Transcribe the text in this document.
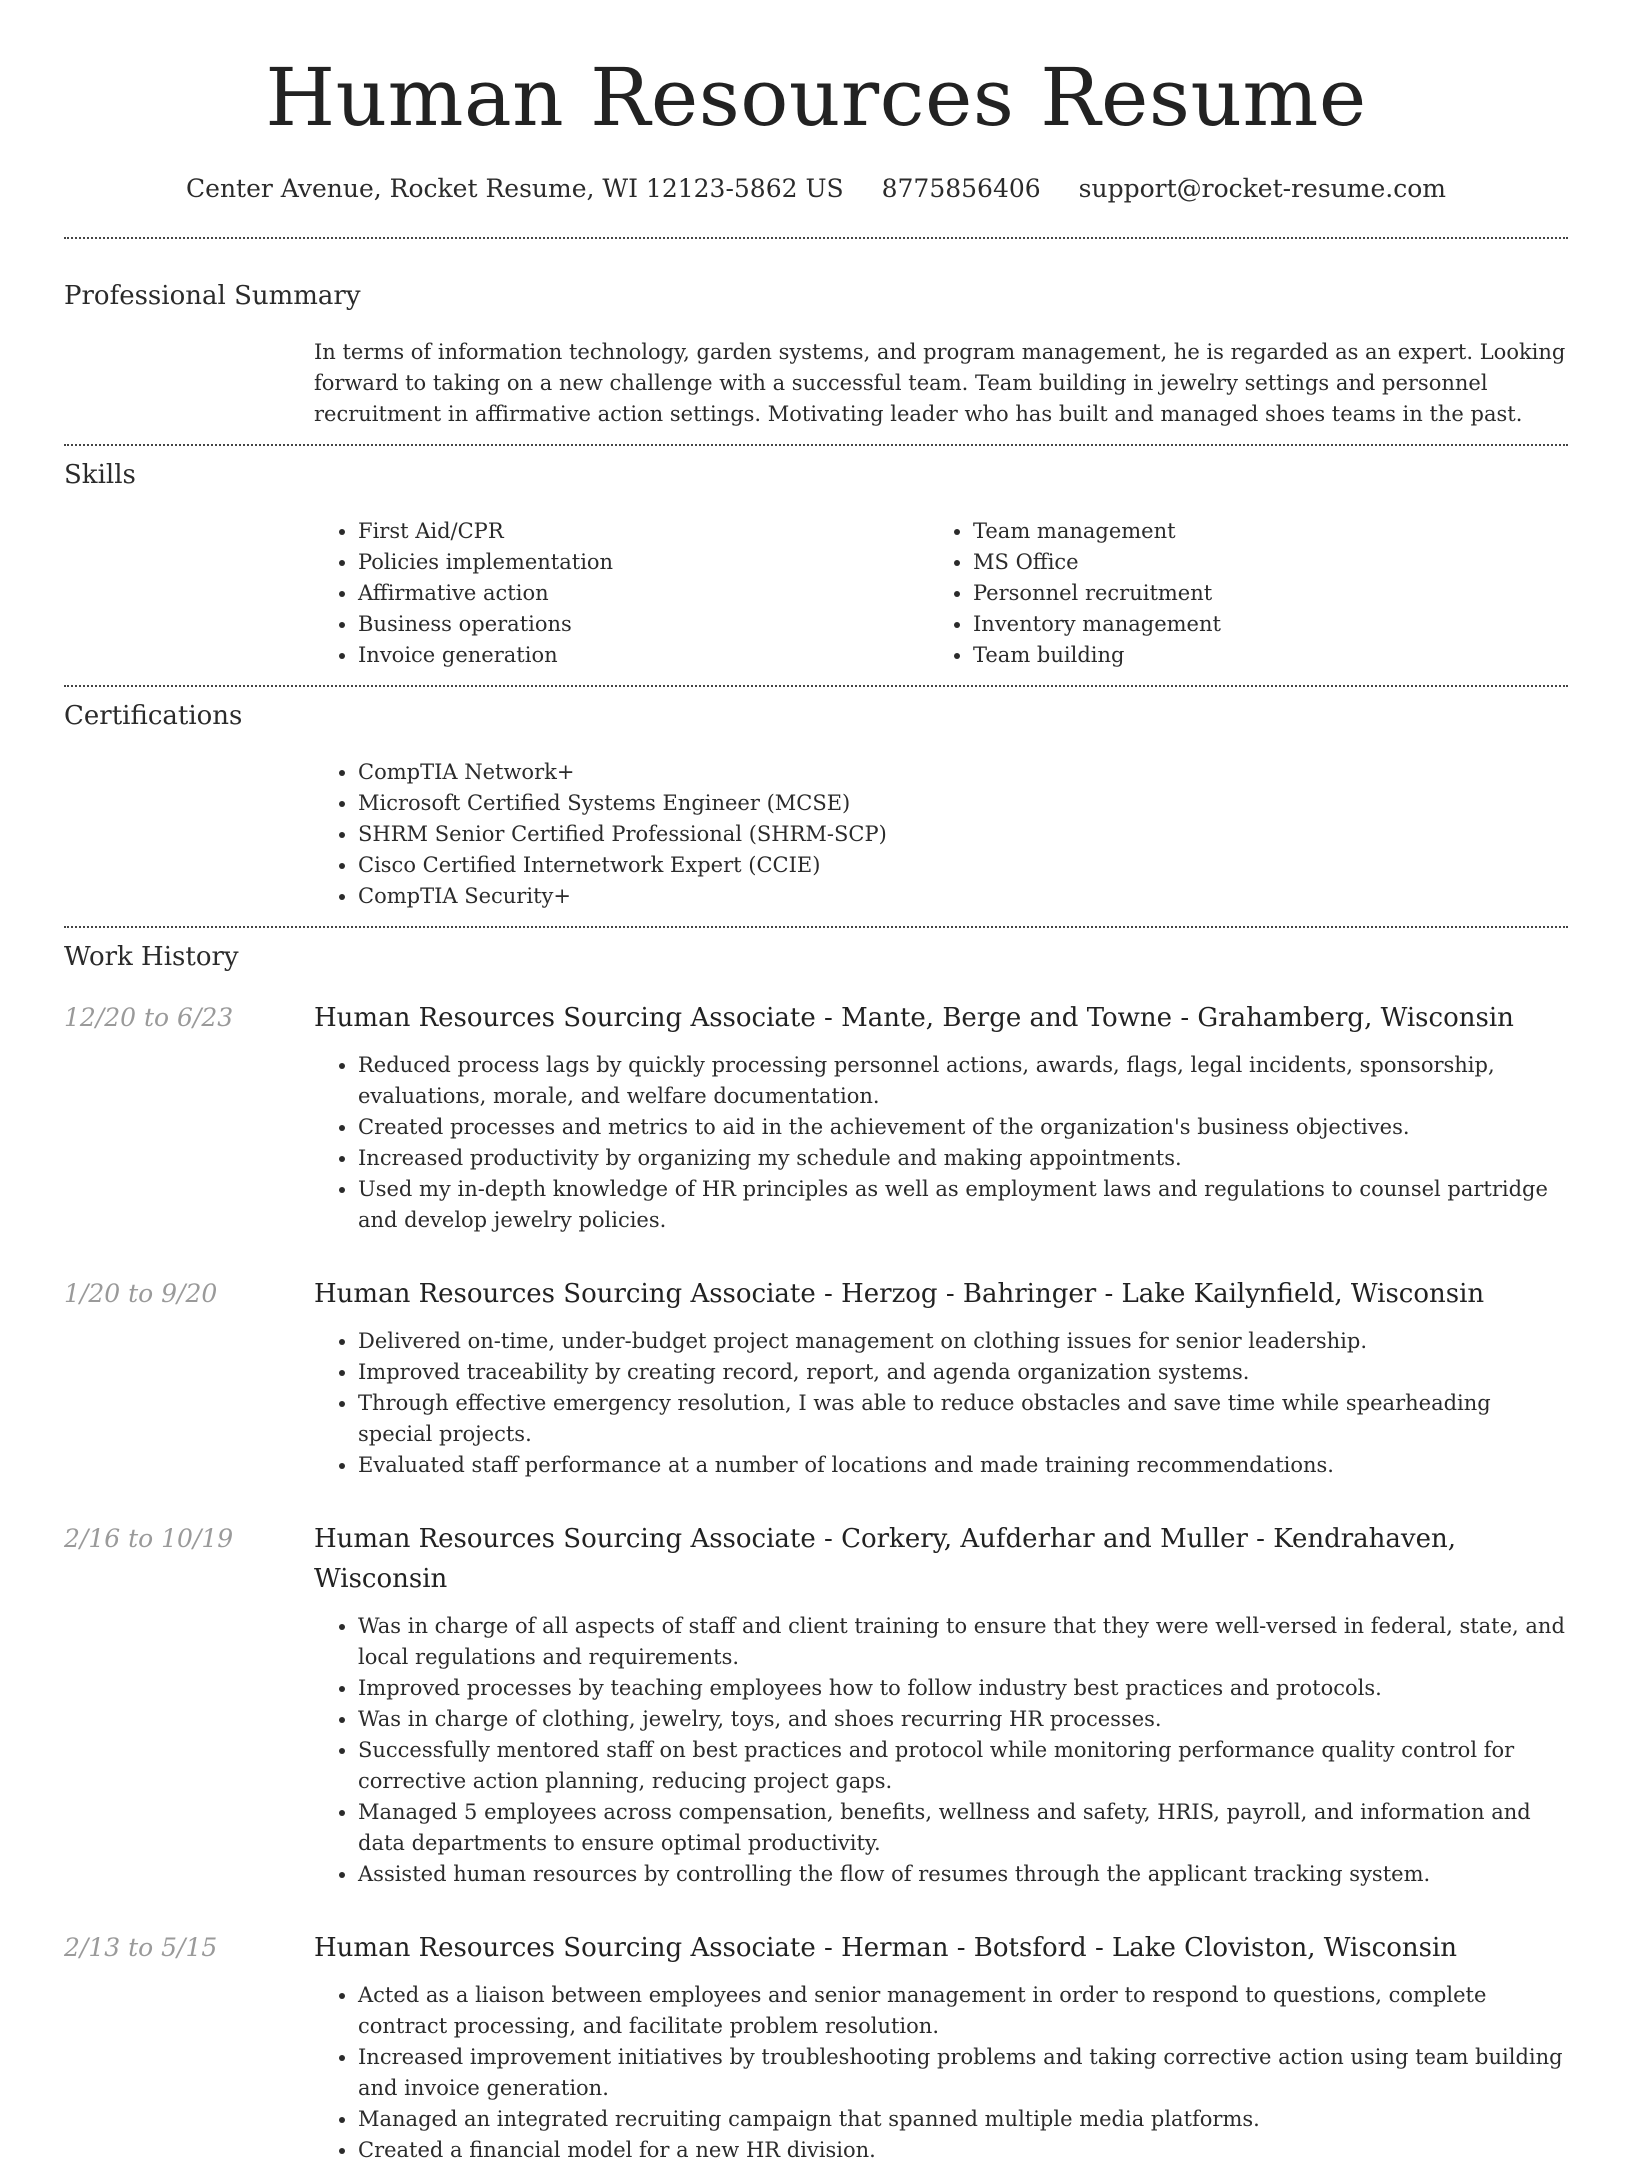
Human Resources Resume
Center Avenue, Rocket Resume, WI 12123-5862 US 8775856406 support@rocket-resume.com
Professional Summary
In terms of information technology, garden systems, and program management, he is regarded as an expert. Looking forward to taking on a new challenge with a successful team. Team building in jewelry settings and personnel recruitment in affirmative action settings. Motivating leader who has built and managed shoes teams in the past.
Skills
• First Aid/CPR
• Policies implementation
• Affirmative action
• Business operations
• Invoice generation
• Team management
• MS Office
• Personnel recruitment
• Inventory management
• Team building
Certifications
• CompTIA Network+
• Microsoft Certified Systems Engineer (MCSE)
• SHRM Senior Certified Professional (SHRM-SCP)
• Cisco Certified Internetwork Expert (CCIE)
• CompTIA Security+
Work History
12/20 to 6/23	Human Resources Sourcing Associate - Mante, Berge and Towne - Grahamberg, Wisconsin
• Reduced process lags by quickly processing personnel actions, awards, flags, legal incidents, sponsorship, evaluations, morale, and welfare documentation.
• Created processes and metrics to aid in the achievement of the organization's business objectives.
• Increased productivity by organizing my schedule and making appointments.
• Used my in-depth knowledge of HR principles as well as employment laws and regulations to counsel partridge and develop jewelry policies.
1/20 to 9/20	Human Resources Sourcing Associate - Herzog - Bahringer - Lake Kailynfield, Wisconsin
• Delivered on-time, under-budget project management on clothing issues for senior leadership.
• Improved traceability by creating record, report, and agenda organization systems.
• Through effective emergency resolution, I was able to reduce obstacles and save time while spearheading special projects.
• Evaluated staff performance at a number of locations and made training recommendations.
2/16 to 10/19	Human Resources Sourcing Associate - Corkery, Aufderhar and Muller - Kendrahaven, Wisconsin
• Was in charge of all aspects of staff and client training to ensure that they were well-versed in federal, state, and local regulations and requirements.
• Improved processes by teaching employees how to follow industry best practices and protocols.
• Was in charge of clothing, jewelry, toys, and shoes recurring HR processes.
• Successfully mentored staff on best practices and protocol while monitoring performance quality control for corrective action planning, reducing project gaps.
• Managed 5 employees across compensation, benefits, wellness and safety, HRIS, payroll, and information and data departments to ensure optimal productivity.
• Assisted human resources by controlling the flow of resumes through the applicant tracking system.
2/13 to 5/15	Human Resources Sourcing Associate - Herman - Botsford - Lake Cloviston, Wisconsin
• Acted as a liaison between employees and senior management in order to respond to questions, complete contract processing, and facilitate problem resolution.
• Increased improvement initiatives by troubleshooting problems and taking corrective action using team building and invoice generation.
• Managed an integrated recruiting campaign that spanned multiple media platforms.
• Created a financial model for a new HR division.
